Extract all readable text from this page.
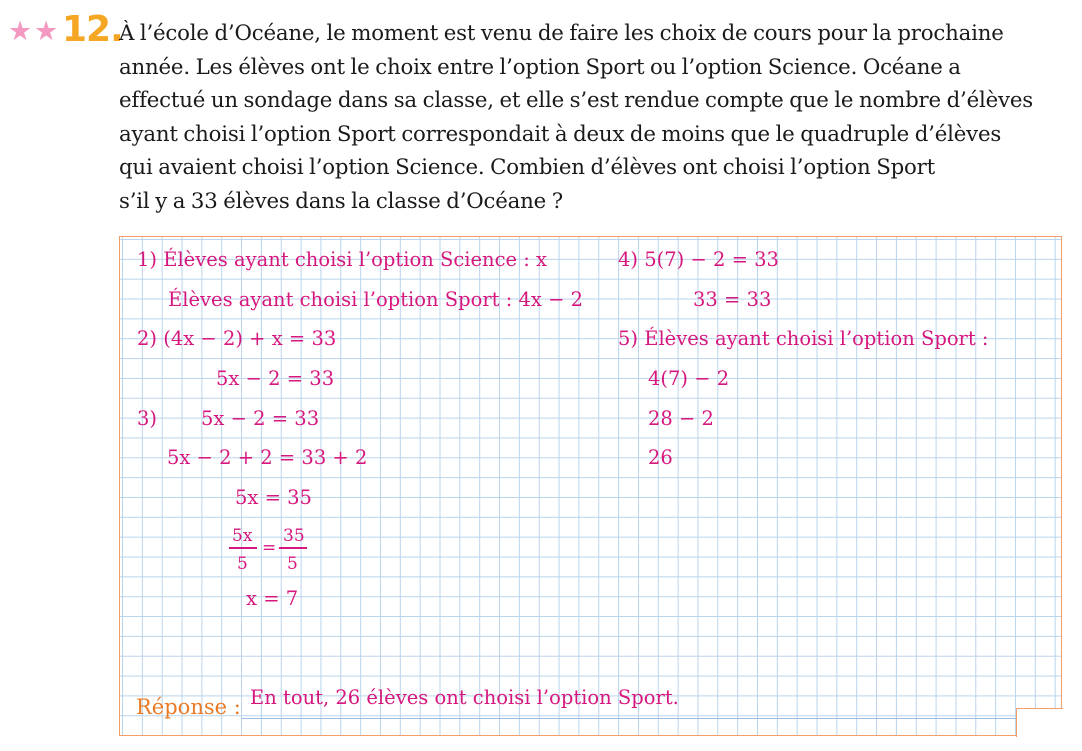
★ ★ 12.
À l’école d’Océane, le moment est venu de faire les choix de cours pour la prochaine
année. Les élèves ont le choix entre l’option Sport ou l’option Science. Océane a
effectué un sondage dans sa classe, et elle s’est rendue compte que le nombre d’élèves
ayant choisi l’option Sport correspondait à deux de moins que le quadruple d’élèves
qui avaient choisi l’option Science. Combien d’élèves ont choisi l’option Sport
s’il y a 33 élèves dans la classe d’Océane ?
1) Élèves ayant choisi l’option Science : x
Élèves ayant choisi l’option Sport : 4x − 2
2) (4x − 2) + x = 33
5x − 2 = 33
3) 5x − 2 = 33
5x − 2 + 2 = 33 + 2
5x = 35
5x
5
=
35
5
x = 7
4) 5(7) − 2 = 33
33 = 33
5) Élèves ayant choisi l’option Sport :
4(7) − 2
28 − 2
26
Réponse : En tout, 26 élèves ont choisi l’option Sport.
